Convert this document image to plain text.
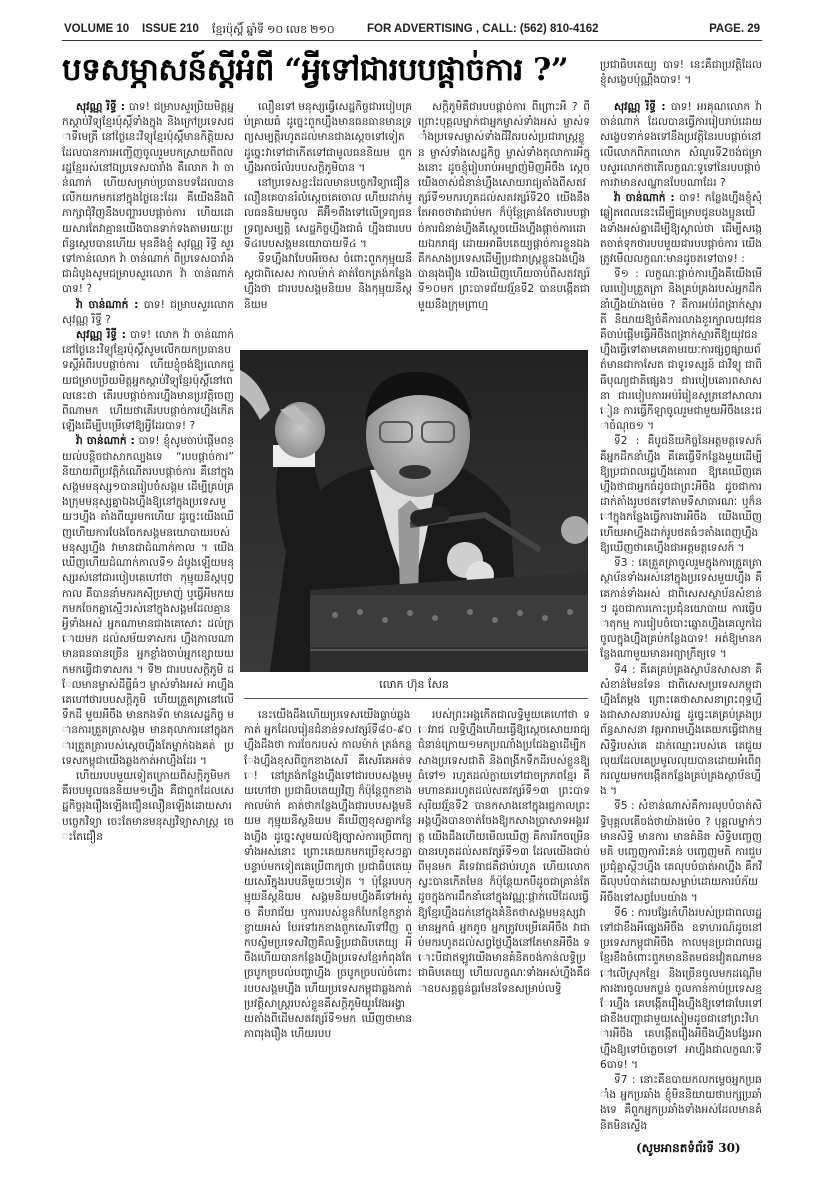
VOLUME 10 ISSUE 210 ខ្មែរប៉ុស្តិ៍ ឆ្នាំទី ១០ លេខ ២១០	FOR ADVERTISING , CALL: (562) 810-4162	PAGE. 29
បទសម្ភាសន៍ស្តីអំពី “អ្វីទៅជារបបផ្តាច់ការ ?”

សុវណ្ណ រិទ្ធី : បាទ! ជម្រាបសួរប្រិយមិត្តអ្នកស្តាប់វិទ្យុខ្មែរប៉ុស្តិ៍ទាំងក្នុង និងក្រៅប្រទេសជាទីមេត្រី នៅថ្ងៃនេះវិទ្យុខ្មែរប៉ុស្តិ៍មានកិត្តិយសដែលបានការអញ្ជើញចូលរួមបកស្រាយពីពលរដ្ឋខ្មែររស់នៅឯប្រទេសបារាំង គឺលោក វ៉ា ចាន់ណាក់ ហើយសម្រាប់ប្រធានបទដែលបានលើកយកមកនៅក្នុងថ្ងៃនេះដែរ គឺយើងនឹងពិភាក្សាជុំវិញនឹងបញ្ហារបបផ្តាច់ការ ហើយដោយសារតែវាគ្មានយើងបានទាក់ទងតាមរយៈប្រព័ន្ធស្កេបបានហើយ មុននឹងខ្ញុំ សុវណ្ណ រិទ្ធី សួរទៅកាន់លោក វ៉ា ចាន់ណាក់ ពីប្រទេសបារាំង ជាដំបូងសូមជម្រាបសួរលោក វ៉ា ចាន់ណាក់ បាទ! ?

វ៉ា ចាន់ណាក់ : បាទ! ជម្រាបសួរលោក សុវណ្ណ រិទ្ធី ?

សុវណ្ណ រិទ្ធី : បាទ! លោក វ៉ា ចាន់ណាក់ នៅថ្ងៃនេះវិទ្យុខ្មែរប៉ុស្តិ៍សូមលើកយកប្រធានបទស្តីអំពីរបបផ្តាច់ការ ហើយខ្ញុំចង់ឱ្យលោកជួយជម្រាបប្រិយមិត្តអ្នកស្តាប់វិទ្យុខ្មែរប៉ុស្តិ៍នៅពេលនេះថា តើរបបផ្តាច់ការហ្នឹងមានប្រវត្តិចេញពីណាមក ហើយថាតើរបបផ្តាច់ការហ្នឹងកើតឡើងដើម្បីបម្រើទៅឱ្យអ្វីដែរបាទ! ?

វ៉ា ចាន់ណាក់ : បាទ! ខ្ញុំសូមចាប់ផ្តើមពន្យល់បន្តិចជាសាកល្បងទេ “របបផ្តាច់ការ” និយាយពីប្រវត្តិកំណើតរបបផ្តាច់ការ គឺនៅក្នុងសង្គមមនុស្ស១បានរៀបចំសង្គម ដើម្បីគ្រប់គ្រងក្រុមមនុស្សគ្នាឯងហ្នឹងឱ្យនៅក្នុងប្រទេសមួយៗហ្នឹង តាំងពីយូរមកហើយ ដូច្នេះយើងឃើញហើយការបែងចែកសង្គមនយោបាយរបស់មនុស្សហ្នឹង វាមានជាដំណាក់កាល ។ យើងឃើញហើយដំណាក់កាលទី១ ដំបូងឡើយមនុស្សរស់នៅជារបៀបគេហៅថា កុម្មុយនីស្តបុព្វកាល គឺបាននាំមករកស៊ីប្រមាញ់ ឬធ្វើអីមកយកមកចែកគ្នាស្មើៗរស់នៅក្នុងសង្គមដែលគ្មានអ្វីទាំងអស់ អ្នកណាមានជាងគេសោះ ដល់ក្រោយមក ដល់សម័យទាសករ ហ្នឹងកាលណាមានធនធានច្រើន អ្នកខ្លាំងចាប់អ្នកខ្សោយយកមកធ្វើជាទាសករ ។ ទី២ ជារបបសក្តិភូមិ ដែលមានម្ចាស់ដីធ្លីធំៗ ម្ចាស់ទាំងអស់ អាហ្នឹងគេហៅថារបបសក្តិភូមិ ហើយត្រួតត្រានៅលើទឹកដី មួយអីចឹង មានកងទ័ព មានសេដ្ឋកិច្ច មានការត្រួតត្រាសង្គម មានតុលាការនៅក្នុងការត្រួតត្រារបស់ស្តេចហ្នឹងតែម្នាក់ឯងគត់ ប្រទេសកម្ពុជាយើងឆ្លងកាត់អាហ្នឹងដែរ ។

ហើយរបបមួយទៀតក្រោយពីសក្តិភូមិមក គឺរបបមូលធននិយម១ហ្នឹង គឺជាពួកដែលសេដ្ឋកិច្ចរុងរឿងឡើងជឿនលឿនឡើងដោយសារបច្ចេកវិទ្យា ចេះតែមានមនុស្សវិទ្យាសាស្ត្រ ចេះតែជឿន

លឿនទៅ មនុស្សធ្វើសេដ្ឋកិច្ចជារបៀបគ្រប់គ្រាយធំ ដូច្នេះពួកហ្នឹងមានធនធានមានទ្រព្យសម្បត្តិរហូតដល់មានជាងស្តេចទៅទៀត ដូច្នេះវាទៅជាកើតទៅជាមូលធននិយម ពួកហ្នឹងអាចរំលំរបបសក្តិភូមិបាន ។

នៅប្រទេសខ្លះដែលមានបច្ចេកវិទ្យាជឿនលឿនគេបានរំលំស្តេចគេចោល ហើយដាក់មូលធននិយមចូល គឺអ៊ី១ពឹងទៅលើទ្រព្យធន ទ្រព្យសម្បត្តិ សេដ្ឋកិច្ចហ្នឹងជាធំ ហ្នឹងជារបបទី៤របបសង្គមនយោបាយទី៤ ។

ទីទហ្នឹងវាបែបអីចេស ចំពោះពួកកុម្មុយនីស្តជាពិសេស កាលម៉ាក់ គាត់ចែកត្រង់កន្លែងហ្នឹងថា ជារបបសង្គមនិយម និងកុម្មុយនីស្តនិយម

សក្តិភូមិគឺជារបបផ្តាច់ការ ពីព្រោះអី ? ពីព្រោះបុគ្គលម្នាក់ជាអ្នកម្ចាស់ទាំងអស់ ម្ចាស់ទាំងប្រទេសម្ចាស់ទាំងជីវិតរបស់ប្រជារាស្ត្រខ្លួន ម្ចាស់ទាំងសេដ្ឋកិច្ច ម្ចាស់ទាំងតុលាការអីក្នុងនោះ ដូចខ្ញុំរៀបរាប់អម្បាញ់មិញអីចឹង ស្តេចយើងចាស់ជំនាន់ហ្នឹងសោយរាជ្យតាំងពីសតវត្សរ៍ទី១មករហូតដល់សតវត្សរ៍ទី20 យើងនឹងតែអាចថាវាជាប់មក ក៏ប៉ុន្តែគ្រាន់តែថារបបផ្តាច់ការជំនាន់ហ្នឹងគឺស្តេចយើងហ្នឹងផ្តាច់ការដោយឯករាជ្យ ដោយអាធិបតេយ្យផ្តាច់ការខ្លួនឯង គឺកសាងប្រទេសដើម្បីប្រជារាស្ត្រខ្លួនឯងហ្នឹងបានរុងរឿង យើងឃើញហើយចាប់ពីសតវត្សរ៍ទី១០មក ព្រះបាទជ័យវរ្ម័នទី2 បានបង្កើតជាមួយនឹងក្រុមព្រាហ្ម

លោក ហ៊ុន សែន

នេះយើងដឹងហើយប្រទេសយើងធ្លាប់ឆ្លងកាត់ អ្នកដែលរៀនជំនាន់ទសវត្សរ៍ទី៨០-៩០ ហ្នឹងដឹងថា ការចែករបស់ កាលម៉ាក់ ត្រង់កន្លែងហ្នឹងខុសពីពួកខាងសេរី គឺសេរីគេអត់ទេ! នៅត្រង់កន្លែងហ្នឹងទៅជារបបសង្គមមួយហៅថា ប្រជាធិបតេយ្យវិញ ក៏ប៉ុន្តែពួកខាង កាលម៉ាក់ គាត់ថាកន្លែងហ្នឹងជារបបសង្គមនិយម កុម្មុយនីស្តនិយម គឺឃើញខុសគ្នាកន្លែងហ្នឹង ដូច្នេះសូមយល់ឱ្យច្បាស់ការប្រើពាក្យទាំងអស់នោះ ព្រោះគេយកមកប្រើខុសៗគ្នា បន្ទាប់មកទៀតគេប្រើពាក្យថា ប្រជាធិបតេយ្យសេរីក្នុងរបបនីមួយៗទៀត ។ ប៉ុន្តែរបបកុម្មុយនីស្តនិយម សង្គមនិយមហ្នឹងគឺទៅអត់រួច គឺបរាជ័យ ឬការរបស់ខ្លួនក៏បែកខ្ញែកខ្ចាត់ខ្ចាយអស់ បែរទៅរកខាងពួកសេរីទៅវិញ ពួកបស្ចិមប្រទេសវិញគឺលទ្ធិប្រជាធិបតេយ្យ អីចឹងហើយបានកន្លែងហ្នឹងប្រទេសខ្មែរកំពុងតែច្របូកច្របល់បញ្ហាហ្នឹង ច្របូកច្របល់ចំពោះរបបសង្គមហ្នឹង ហើយប្រទេសកម្ពុជាឆ្លងកាត់ប្រវត្តិសាស្ត្ររបស់ខ្លួនគឺសក្តិភូមិយូរវែងអង្វាយតាំងពីដើមសតវត្សរ៍ទី១មក ឃើញថាមានភាពរុងរឿង ហើយរបប

របស់ព្រះអង្គកើតជាលទ្ធិមួយគេហៅថា ទេវរាជ លទ្ធិហ្នឹងហើយធ្វើឱ្យស្តេចសោយរាជ្យជំនាន់ក្រោយ១មកប្រណាំងប្រជែងគ្នាដើម្បីកសាងប្រទេសជាតិ និងពង្រីកទឹកដីរបស់ខ្លួនឱ្យធំទៅ១ រហូតដល់ក្លាយទៅជាចក្រភពខ្មែរ គឺមហានគររហូតដល់សតវត្សរ៍ទី១៣ ព្រះបាទសុរិយវរ្ម័នទី2 បានកសាងនៅក្នុងរជ្ជកាលព្រះអង្គហ្នឹងបានចាត់ចែងឱ្យកសាងប្រាសាទអង្គរវត្ត យើងដឹងហើយមើលឃើញ គឺការរីកចម្រើនបានរហូតដល់សតវត្សរ៍ទី១៣ ដែលយើងជាប់ពីមុនមក គឺទេវរាជគឺជាប់រហូត ហើយលោកស្វះបានកើតមែន ក៏ប៉ុន្តែយកបីដូចជាគ្រាន់តែដូចក្នុងការដឹកនាំនៅក្នុងវណ្ណៈផ្តាក់លើដែលធ្វើឱ្យខ្មែរហ្នឹងដក់នៅក្នុងគំនិតថាសង្គមមនុស្សវាមានអ្នកធំ អ្នកតូច អ្នកត្រូវបម្រើគេអីចឹង វាជាប់មករហូតដល់សព្វថ្ងៃហ្នឹងនៅតែមានអីចឹង ទោះបីជាឥឡូវយើងមានគំនិតចង់កាន់លទ្ធិប្រជាធិបតេយ្យ ហើយលក្ខណៈទាំងអស់ហ្នឹងគឺជាឧបសគ្គធ្ងន់ធ្ងរមែនទែនសម្រាប់លទ្ធិ

ប្រជាធិបតេយ្យ បាទ! នេះគឺជាប្រវត្តិដែលខ្ញុំសង្ខេបប៉ុណ្ណឹងបាទ! ។

សុវណ្ណ រិទ្ធី : បាទ! អរគុណលោក វ៉ា ចាន់ណាក់ ដែលបានធ្វើការរៀបរាប់ដោយសង្ខេបទាក់ទងទៅនឹងប្រវត្តិនៃរបបផ្តាច់នៅលើលោកពិភពលោក សំណួរទី2ចង់ជម្រាបសួរលោកថាតើលក្ខណៈទូទៅនៃរបបផ្តាច់ការវាមានសណ្ឋានបែបណាដែរ ?

វ៉ា ចាន់ណាក់ : បាទ! កន្លែងហ្នឹងខ្ញុំសុំឆ្លៀតពេលនេះដើម្បីជម្រាបជូនបងប្អូនយើងទាំងអស់គ្នាដើម្បីឱ្យស្គាល់ថា ដើម្បីសង្កេតចាត់ទុកថារបបមួយជារបបផ្តាច់ការ យើងត្រូវមើលលក្ខណៈមានដូចតទៅបាទ! :

ទី១ : លក្ខណៈផ្តាច់ការហ្នឹងគឺយើងមើលរបៀបត្រួតត្រា និងគ្រប់គ្រងរបស់អ្នកដឹកនាំហ្នឹងយ៉ាងម៉េច ? គឺការអប់រំពង្រាក់ស្មារតី និយាយឱ្យចំគឺការលាងខួរក្បាលយុវជន គឺចាប់ផ្តើមធ្វើអីចឹងពង្រាក់ស្មារតីឱ្យយុវជនហ្នឹងធ្វើទៅតាមគេតាមរយៈការផ្សព្វផ្សាយព័ត៌មានជាកាសែត ជាទូរទស្សន៍ ជាវិទ្យុ ជាពិធីបុណ្យជាតិផ្សេងៗ ជារបៀបគោរពសាសនា ជារបៀបការអប់រំរៀនសូត្រនៅសាលារៀន ការធ្វើកីឡាចូលរួមជាមួយអីចឹងនេះជាចំណុច១ ។

ទី2 : គឺបូជនីយកិច្ចនៃអត្តមត្តទេសក៍ គឺអ្នកដឹកនាំហ្នឹង គឺគេធ្វើទីកន្លែងមួយដើម្បីឱ្យប្រជាពលរដ្ឋហ្នឹងគោរព ឱ្យគេឃើញគេហ្នឹងថាជាអ្នកធំដូចជាព្រះអីចឹង ដូចជាការដាក់តាំងរូបថតទៅតាមទីសាធារណៈ ឬក៏នៅក្នុងកន្លែងធ្វើការងារអីចឹង យើងឃើញហើយអាហ្នឹងដាក់រូបថតធំៗតាំងពេញហ្នឹងឱ្យឃើញថាគេហ្នឹងជាអត្តមត្តទេសក៍ ។

ទី3 : គេត្រួតត្រាចូលរួមក្នុងការត្រួតត្រាស្ថាប័នទាំងអស់នៅក្នុងប្រទេសមួយហ្នឹង គឺគេកាន់ទាំងអស់ ជាពិសេសស្ថាប័នសំខាន់ៗ ដូចជាការកោះប្រជុំនយោបាយ ការធ្វើបាតុកម្ម ការរៀបចំបោះឆ្នោតហ្នឹងគេលូកដៃចូលក្នុងហ្នឹងគ្រប់កន្លែងបាទ! អត់ឱ្យមានកន្លែងណាមួយមានអព្យាក្រឹត្យទេ ។

ទី4 : គឺគេគ្រប់គ្រងស្ថាប័នសាសនា គឺសំខាន់មែនទែន ជាពិសេសប្រទេសកម្ពុជាហ្នឹងតែម្តង ព្រោះគេថាសាសនាព្រះពុទ្ធហ្នឹងជាសាសនារបស់រដ្ឋ ដូច្នេះគេគ្រប់គ្រងប្រព័ន្ធសាសនា វត្តអារាមហ្នឹងគេយកធ្វើជាកម្មសិទ្ធិរបស់គេ ដាក់ឈ្មោះរបស់គេ គេជួយលុយដែលគេប្រមូលលុយបានដោយអំពើពុករលួយមកបង្កើតកន្លែងគ្រប់គ្រងស្ថាប័នហ្នឹង ។

ទី5 : សំខាន់ណាស់គឺការលុបបំបាត់សិទ្ធិបុគ្គលតើចង់ថាយ៉ាងម៉េច ? បុគ្គលម្នាក់ៗមានសិទ្ធិ មានការ មានគំនិត សិទ្ធិបញ្ចេញមតិ បញ្ចេញការរិះគន់ បញ្ចេញមតិ ការជួបប្រជុំគ្នាស្តីៗហ្នឹង គេលុបបំបាត់អាហ្នឹង គឺកវិធីលុបបំបាត់ដោយសម្លាប់ដោយការបំភ័យអីចឹងទៅសព្វបែបយ៉ាង ។

ទី6 : ការបង្វែរកំហឹងរបស់ប្រជាពលរដ្ឋទៅជាខឹងអីផ្សេងអីចឹង ឧទាហរណ៍ដូចនៅប្រទេសកម្ពុជាអីចឹង កាលមុនប្រជាពលរដ្ឋខ្មែរខឹងចំពោះពួកមាននិតមជនវៀតណាមនៅលើស្រុកខ្មែរ និងច្រើនចូលមកដណ្តើមការងារចូលមកប្លន់ ចូលកាន់កាប់ប្រទេសខ្មែរហ្នឹង គេបង្កើតរឿងហ្នឹងឱ្យទៅជាបែរទៅជាខឹងបញ្ហាជាមួយសៀមដូចជានៅព្រះវិហារអីចឹង គេបង្កើតរឿងអីចឹងហ្នឹងបង្វែរអាហ្នឹងឱ្យទៅបំភ្លេចទៅ អាហ្នឹងជាលក្ខណៈទី6បាទ! ។

ទី7 : នោះគឺឧបាយកលកម្ទេចអ្នកប្រឆាំង អ្នកប្រឆាំង ខ្ញុំមិននិយាយថាបក្សប្រឆាំងទេ គឺពួកអ្នកប្រឆាំងទាំងអស់ដែលមានគំនិតមិនស្ទើង

(សូមអានតទំព័រទី 30)
